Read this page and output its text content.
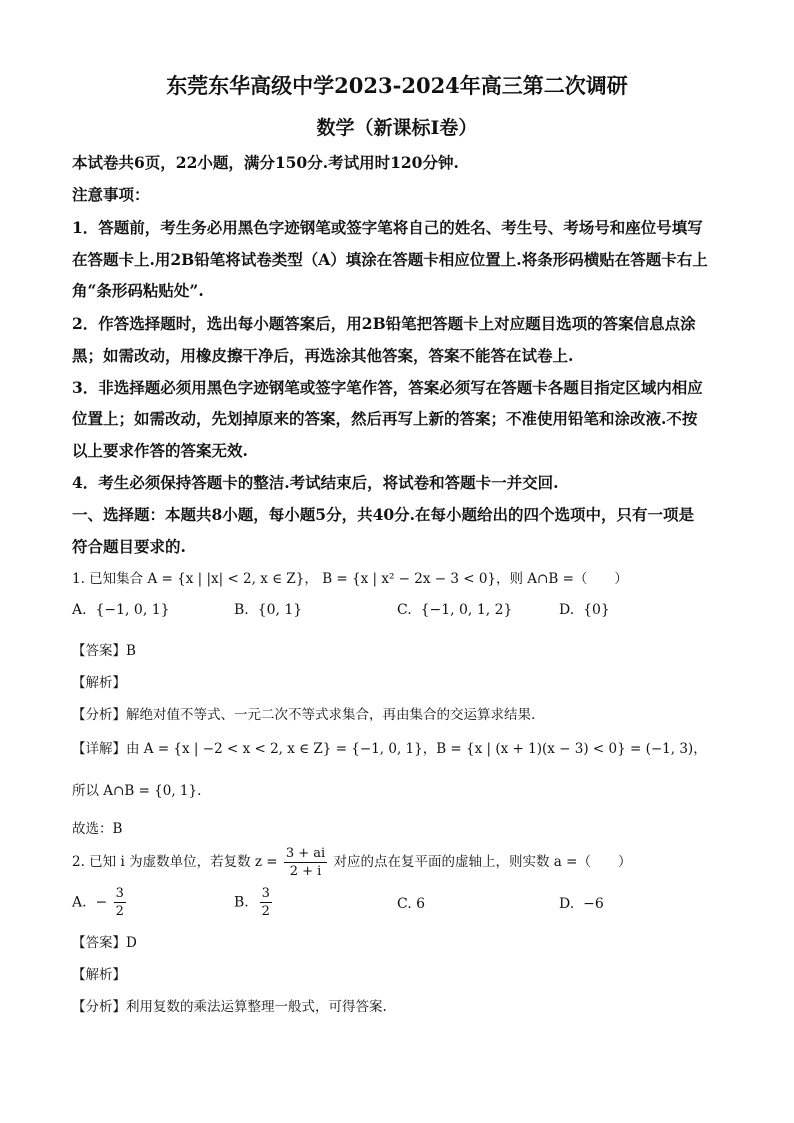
东莞东华高级中学2023-2024年高三第二次调研
数学（新课标I卷）
本试卷共6页，22小题，满分150分.考试用时120分钟.
注意事项：
1．答题前，考生务必用黑色字迹钢笔或签字笔将自己的姓名、考生号、考场号和座位号填写
在答题卡上.用2B铅笔将试卷类型（A）填涂在答题卡相应位置上.将条形码横贴在答题卡右上
角“条形码粘贴处”.
2．作答选择题时，选出每小题答案后，用2B铅笔把答题卡上对应题目选项的答案信息点涂
黑；如需改动，用橡皮擦干净后，再选涂其他答案，答案不能答在试卷上.
3．非选择题必须用黑色字迹钢笔或签字笔作答，答案必须写在答题卡各题目指定区域内相应
位置上；如需改动，先划掉原来的答案，然后再写上新的答案；不准使用铅笔和涂改液.不按
以上要求作答的答案无效.
4．考生必须保持答题卡的整洁.考试结束后，将试卷和答题卡一并交回.
一、选择题：本题共8小题，每小题5分，共40分.在每小题给出的四个选项中，只有一项是
符合题目要求的.
1. 已知集合 A = {x | |x| < 2, x ∈ Z}， B = {x | x² − 2x − 3 < 0}，则 A∩B =（　　）
A. {−1, 0, 1}	B. {0, 1}	C. {−1, 0, 1, 2}	D. {0}
【答案】B
【解析】
【分析】解绝对值不等式、一元二次不等式求集合，再由集合的交运算求结果.
【详解】由 A = {x | −2 < x < 2, x ∈ Z} = {−1, 0, 1}，B = {x | (x + 1)(x − 3) < 0} = (−1, 3)，
所以 A∩B = {0, 1}.
故选：B
2. 已知 i 为虚数单位，若复数 $z = \frac{3 + ai}{2 + i}$ 对应的点在复平面的虚轴上，则实数 a =（　　）
A. − $\frac{3}{2}$	B. $\frac{3}{2}$	C. 6	D. −6
【答案】D
【解析】
【分析】利用复数的乘法运算整理一般式，可得答案.
